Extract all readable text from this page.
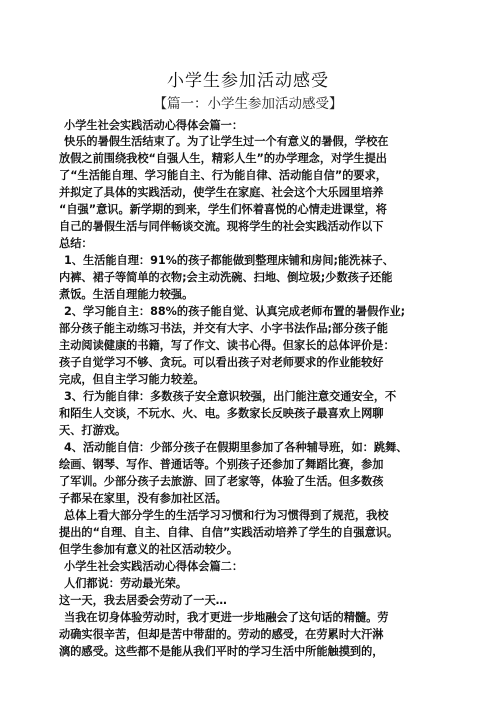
小学生参加活动感受
【篇一：小学生参加活动感受】
小学生社会实践活动心得体会篇一：
快乐的暑假生活结束了。为了让学生过一个有意义的暑假，学校在
放假之前围绕我校“自强人生，精彩人生”的办学理念，对学生提出
了“生活能自理、学习能自主、行为能自律、活动能自信”的要求，
并拟定了具体的实践活动，使学生在家庭、社会这个大乐园里培养
“自强”意识。新学期的到来，学生们怀着喜悦的心情走进课堂，将
自己的暑假生活与同伴畅谈交流。现将学生的社会实践活动作以下
总结：
1、生活能自理：91%的孩子都能做到整理床铺和房间;能洗袜子、
内裤、裙子等简单的衣物;会主动洗碗、扫地、倒垃圾;少数孩子还能
煮饭。生活自理能力较强。
2、学习能自主：88%的孩子能自觉、认真完成老师布置的暑假作业;
部分孩子能主动练习书法，并交有大字、小字书法作品;部分孩子能
主动阅读健康的书籍，写了作文、读书心得。但家长的总体评价是：
孩子自觉学习不够、贪玩。可以看出孩子对老师要求的作业能较好
完成，但自主学习能力较差。
3、行为能自律：多数孩子安全意识较强，出门能注意交通安全，不
和陌生人交谈，不玩水、火、电。多数家长反映孩子最喜欢上网聊
天、打游戏。
4、活动能自信：少部分孩子在假期里参加了各种辅导班，如：跳舞、
绘画、钢琴、写作、普通话等。个别孩子还参加了舞蹈比赛，参加
了军训。少部分孩子去旅游、回了老家等，体验了生活。但多数孩
子都呆在家里，没有参加社区活。
总体上看大部分学生的生活学习习惯和行为习惯得到了规范，我校
提出的“自理、自主、自律、自信”实践活动培养了学生的自强意识。
但学生参加有意义的社区活动较少。
小学生社会实践活动心得体会篇二：
人们都说：劳动最光荣。
这一天，我去居委会劳动了一天…
当我在切身体验劳动时，我才更进一步地融会了这句话的精髓。劳
动确实很辛苦，但却是苦中带甜的。劳动的感受，在劳累时大汗淋
漓的感受。这些都不是能从我们平时的学习生活中所能触摸到的，
